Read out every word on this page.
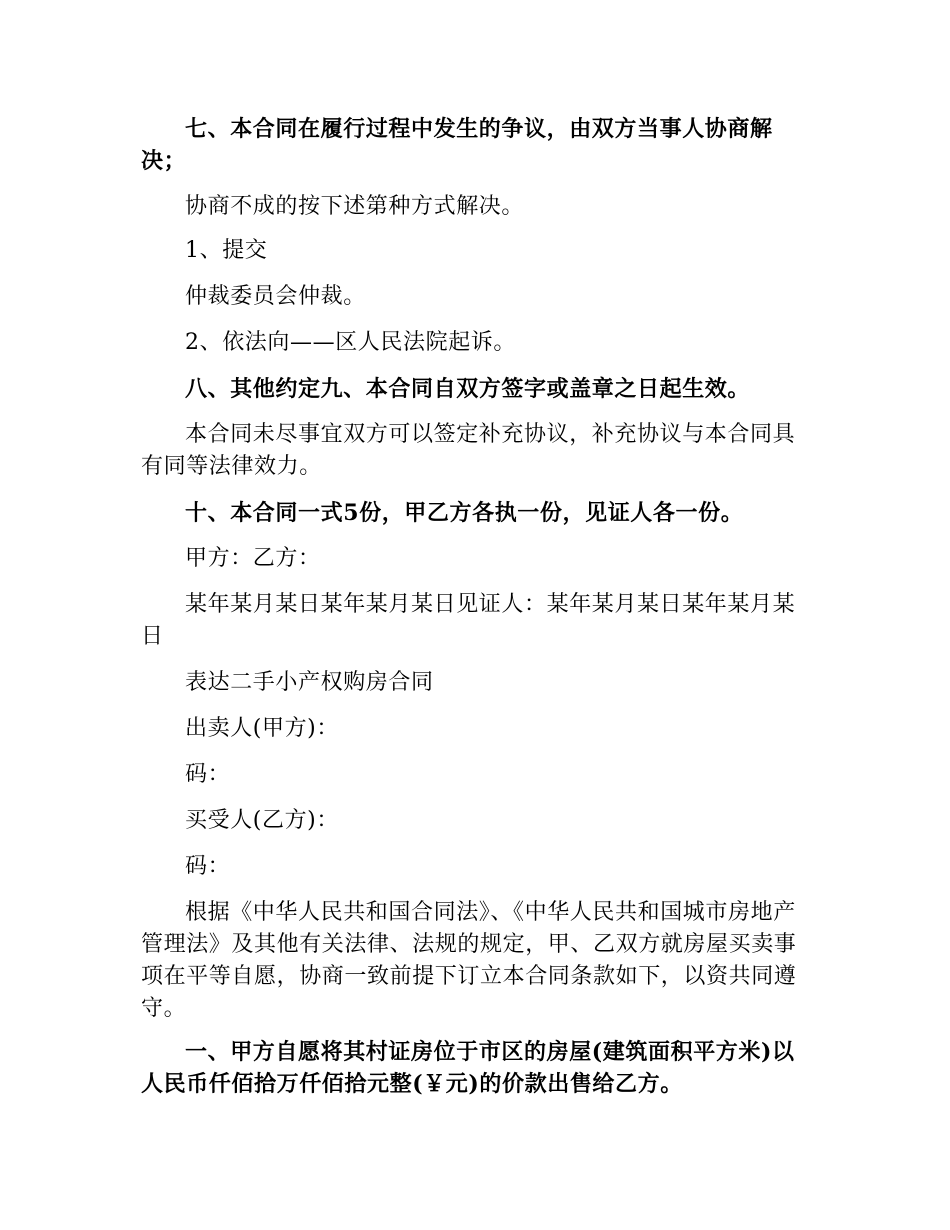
七、本合同在履行过程中发生的争议，由双方当事人协商解决；

协商不成的按下述第种方式解决。

1、提交

仲裁委员会仲裁。

2、依法向——区人民法院起诉。

八、其他约定九、本合同自双方签字或盖章之日起生效。

本合同未尽事宜双方可以签定补充协议，补充协议与本合同具有同等法律效力。

十、本合同一式5份，甲乙方各执一份，见证人各一份。

甲方：乙方：

某年某月某日某年某月某日见证人：某年某月某日某年某月某日

表达二手小产权购房合同

出卖人(甲方)：

码：

买受人(乙方)：

码：

根据《中华人民共和国合同法》、《中华人民共和国城市房地产管理法》及其他有关法律、法规的规定，甲、乙双方就房屋买卖事项在平等自愿，协商一致前提下订立本合同条款如下，以资共同遵守。

一、甲方自愿将其村证房位于市区的房屋(建筑面积平方米)以人民币仟佰拾万仟佰拾元整(￥元)的价款出售给乙方。
